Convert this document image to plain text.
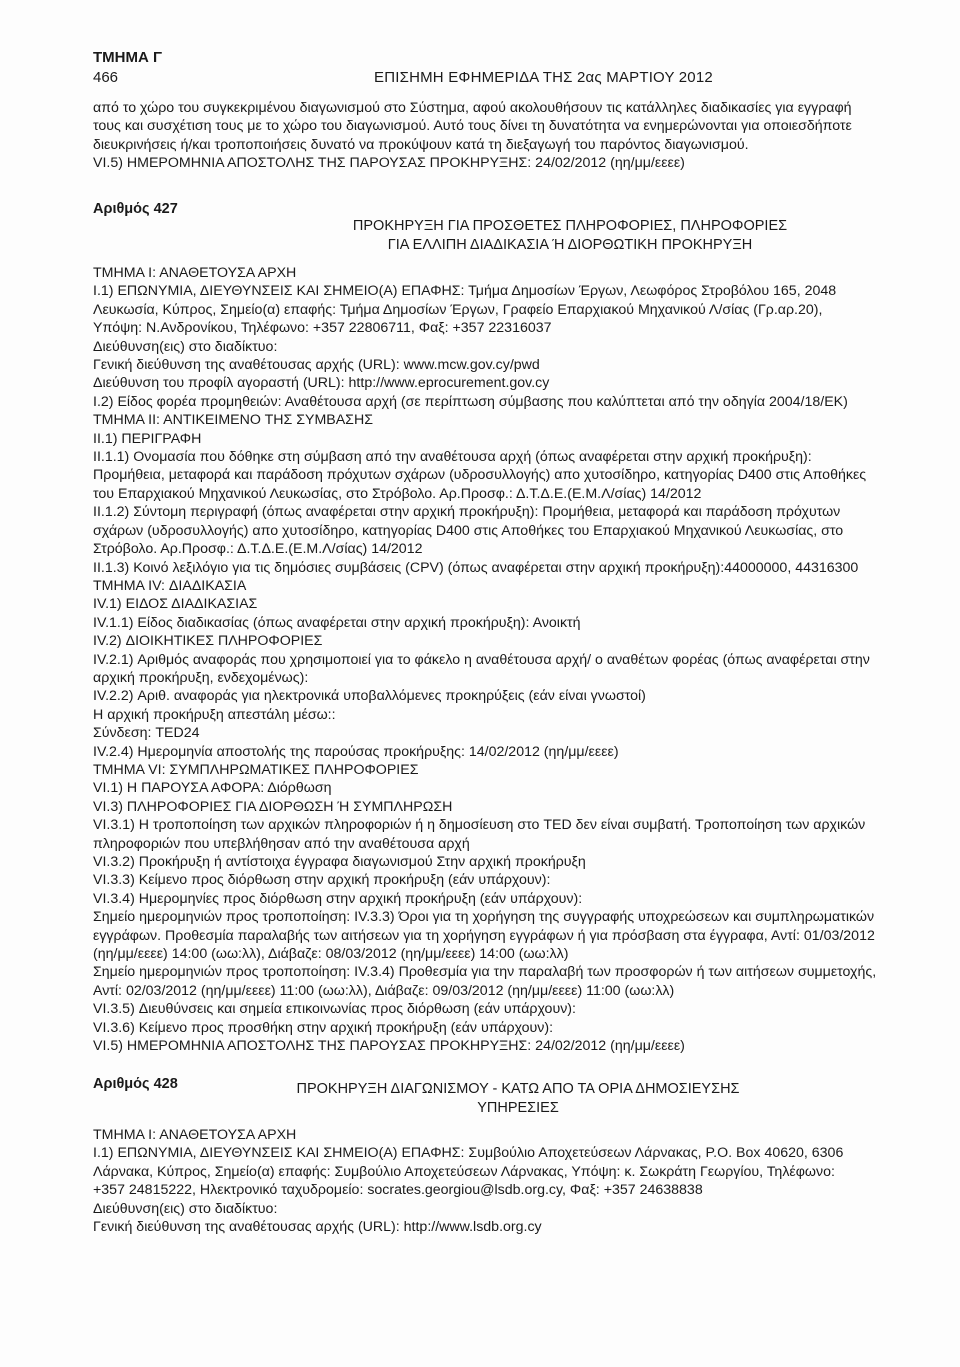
ΤΜΗΜΑ Γ
466	ΕΠΙΣΗΜΗ ΕΦΗΜΕΡΙΔΑ ΤΗΣ 2ας ΜΑΡΤΙΟΥ 2012

από το χώρο του συγκεκριμένου διαγωνισμού στο Σύστημα, αφού ακολουθήσουν τις κατάλληλες διαδικασίες για εγγραφή

τους και συσχέτιση τους με το χώρο του διαγωνισμού. Αυτό τους δίνει τη δυνατότητα να ενημερώνονται για οποιεσδήποτε

διευκρινήσεις ή/και τροποποιήσεις δυνατό να προκύψουν κατά τη διεξαγωγή του παρόντος διαγωνισμού.

VI.5) ΗΜΕΡΟΜΗΝΙΑ ΑΠΟΣΤΟΛΗΣ ΤΗΣ ΠΑΡΟΥΣΑΣ ΠΡΟΚΗΡΥΞΗΣ: 24/02/2012 (ηη/μμ/εεεε)

Αριθμός 427

ΠΡΟΚΗΡΥΞΗ ΓΙΑ ΠΡΟΣΘΕΤΕΣ ΠΛΗΡΟΦΟΡΙΕΣ, ΠΛΗΡΟΦΟΡΙΕΣ

ΓΙΑ ΕΛΛΙΠΗ ΔΙΑΔΙΚΑΣΙΑ Ή ΔΙΟΡΘΩΤΙΚΗ ΠΡΟΚΗΡΥΞΗ

ΤΜΗΜΑ Ι: ΑΝΑΘΕΤΟΥΣΑ ΑΡΧΗ

Ι.1) ΕΠΩΝΥΜΙΑ, ΔΙΕΥΘΥΝΣΕΙΣ ΚΑΙ ΣΗΜΕΙΟ(Α) ΕΠΑΦΗΣ: Τμήμα Δημοσίων Έργων, Λεωφόρος Στροβόλου 165, 2048

Λευκωσία, Κύπρος, Σημείο(α) επαφής: Τμήμα Δημοσίων Έργων, Γραφείο Επαρχιακού Μηχανικού Λ/σίας (Γρ.αρ.20),

Υπόψη: Ν.Ανδρονίκου, Τηλέφωνο: +357 22806711, Φαξ: +357 22316037

Διεύθυνση(εις) στο διαδίκτυο:

Γενική διεύθυνση της αναθέτουσας αρχής (URL): www.mcw.gov.cy/pwd

Διεύθυνση του προφίλ αγοραστή (URL): http://www.eprocurement.gov.cy

Ι.2) Είδος φορέα προμηθειών: Αναθέτουσα αρχή (σε περίπτωση σύμβασης που καλύπτεται από την οδηγία 2004/18/ΕΚ)

ΤΜΗΜΑ ΙΙ: ΑΝΤΙΚΕΙΜΕΝΟ ΤΗΣ ΣΥΜΒΑΣΗΣ

ΙΙ.1) ΠΕΡΙΓΡΑΦΗ

ΙΙ.1.1) Ονομασία που δόθηκε στη σύμβαση από την αναθέτουσα αρχή (όπως αναφέρεται στην αρχική προκήρυξη):

Προμήθεια, μεταφορά και παράδοση πρόχυτων σχάρων (υδροσυλλογής) απο χυτοσίδηρο, κατηγορίας D400 στις Αποθήκες

του Επαρχιακού Μηχανικού Λευκωσίας, στο Στρόβολο. Αρ.Προσφ.: Δ.Τ.Δ.Ε.(Ε.Μ.Λ/σίας) 14/2012

ΙΙ.1.2) Σύντομη περιγραφή (όπως αναφέρεται στην αρχική προκήρυξη): Προμήθεια, μεταφορά και παράδοση πρόχυτων

σχάρων (υδροσυλλογής) απο χυτοσίδηρο, κατηγορίας D400 στις Αποθήκες του Επαρχιακού Μηχανικού Λευκωσίας, στο

Στρόβολο. Αρ.Προσφ.: Δ.Τ.Δ.Ε.(Ε.Μ.Λ/σίας) 14/2012

ΙΙ.1.3) Κοινό λεξιλόγιο για τις δημόσιες συμβάσεις (CPV) (όπως αναφέρεται στην αρχική προκήρυξη):44000000, 44316300

ΤΜΗΜΑ IV: ΔΙΑΔΙΚΑΣΙΑ

IV.1) ΕΙΔΟΣ ΔΙΑΔΙΚΑΣΙΑΣ

IV.1.1) Είδος διαδικασίας (όπως αναφέρεται στην αρχική προκήρυξη): Ανοικτή

IV.2) ΔΙΟΙΚΗΤΙΚΕΣ ΠΛΗΡΟΦΟΡΙΕΣ

IV.2.1) Αριθμός αναφοράς που χρησιμοποιεί για το φάκελο η αναθέτουσα αρχή/ ο αναθέτων φορέας (όπως αναφέρεται στην

αρχική προκήρυξη, ενδεχομένως):

IV.2.2) Αριθ. αναφοράς για ηλεκτρονικά υποβαλλόμενες προκηρύξεις (εάν είναι γνωστοί)

Η αρχική προκήρυξη απεστάλη μέσω::

Σύνδεση: TED24

IV.2.4) Ημερομηνία αποστολής της παρούσας προκήρυξης: 14/02/2012 (ηη/μμ/εεεε)

ΤΜΗΜΑ VI: ΣΥΜΠΛΗΡΩΜΑΤΙΚΕΣ ΠΛΗΡΟΦΟΡΙΕΣ

VI.1) Η ΠΑΡΟΥΣΑ ΑΦΟΡΑ: Διόρθωση

VI.3) ΠΛΗΡΟΦΟΡΙΕΣ ΓΙΑ ΔΙΟΡΘΩΣΗ Ή ΣΥΜΠΛΗΡΩΣΗ

VI.3.1) Η τροποποίηση των αρχικών πληροφοριών ή η δημοσίευση στο TED δεν είναι συμβατή. Τροποποίηση των αρχικών

πληροφοριών που υπεβλήθησαν από την αναθέτουσα αρχή

VI.3.2) Προκήρυξη ή αντίστοιχα έγγραφα διαγωνισμού Στην αρχική προκήρυξη

VI.3.3) Κείμενο προς διόρθωση στην αρχική προκήρυξη (εάν υπάρχουν):

VI.3.4) Ημερομηνίες προς διόρθωση στην αρχική προκήρυξη (εάν υπάρχουν):

Σημείο ημερομηνιών προς τροποποίηση: IV.3.3) Όροι για τη χορήγηση της συγγραφής υποχρεώσεων και συμπληρωματικών

εγγράφων. Προθεσμία παραλαβής των αιτήσεων για τη χορήγηση εγγράφων ή για πρόσβαση στα έγγραφα, Αντί: 01/03/2012

(ηη/μμ/εεεε) 14:00 (ωω:λλ), Διάβαζε: 08/03/2012 (ηη/μμ/εεεε) 14:00 (ωω:λλ)

Σημείο ημερομηνιών προς τροποποίηση: IV.3.4) Προθεσμία για την παραλαβή των προσφορών ή των αιτήσεων συμμετοχής,

Αντί: 02/03/2012 (ηη/μμ/εεεε) 11:00 (ωω:λλ), Διάβαζε: 09/03/2012 (ηη/μμ/εεεε) 11:00 (ωω:λλ)

VI.3.5) Διευθύνσεις και σημεία επικοινωνίας προς διόρθωση (εάν υπάρχουν):

VI.3.6) Κείμενο προς προσθήκη στην αρχική προκήρυξη (εάν υπάρχουν):

VI.5) ΗΜΕΡΟΜΗΝΙΑ ΑΠΟΣΤΟΛΗΣ ΤΗΣ ΠΑΡΟΥΣΑΣ ΠΡΟΚΗΡΥΞΗΣ: 24/02/2012 (ηη/μμ/εεεε)

Αριθμός 428	ΠΡΟΚΗΡΥΞΗ ΔΙΑΓΩΝΙΣΜΟΥ - ΚΑΤΩ ΑΠΟ ΤΑ ΟΡΙΑ ΔΗΜΟΣΙΕΥΣΗΣ

ΥΠΗΡΕΣΙΕΣ

ΤΜΗΜΑ Ι: ΑΝΑΘΕΤΟΥΣΑ ΑΡΧΗ

Ι.1) ΕΠΩΝΥΜΙΑ, ΔΙΕΥΘΥΝΣΕΙΣ ΚΑΙ ΣΗΜΕΙΟ(Α) ΕΠΑΦΗΣ: Συμβούλιο Αποχετεύσεων Λάρνακας, P.O. Box 40620, 6306

Λάρνακα, Κύπρος, Σημείο(α) επαφής: Συμβούλιο Αποχετεύσεων Λάρνακας, Υπόψη: κ. Σωκράτη Γεωργίου, Τηλέφωνο:

+357 24815222, Ηλεκτρονικό ταχυδρομείο: socrates.georgiou@lsdb.org.cy, Φαξ: +357 24638838

Διεύθυνση(εις) στο διαδίκτυο:

Γενική διεύθυνση της αναθέτουσας αρχής (URL): http://www.lsdb.org.cy
